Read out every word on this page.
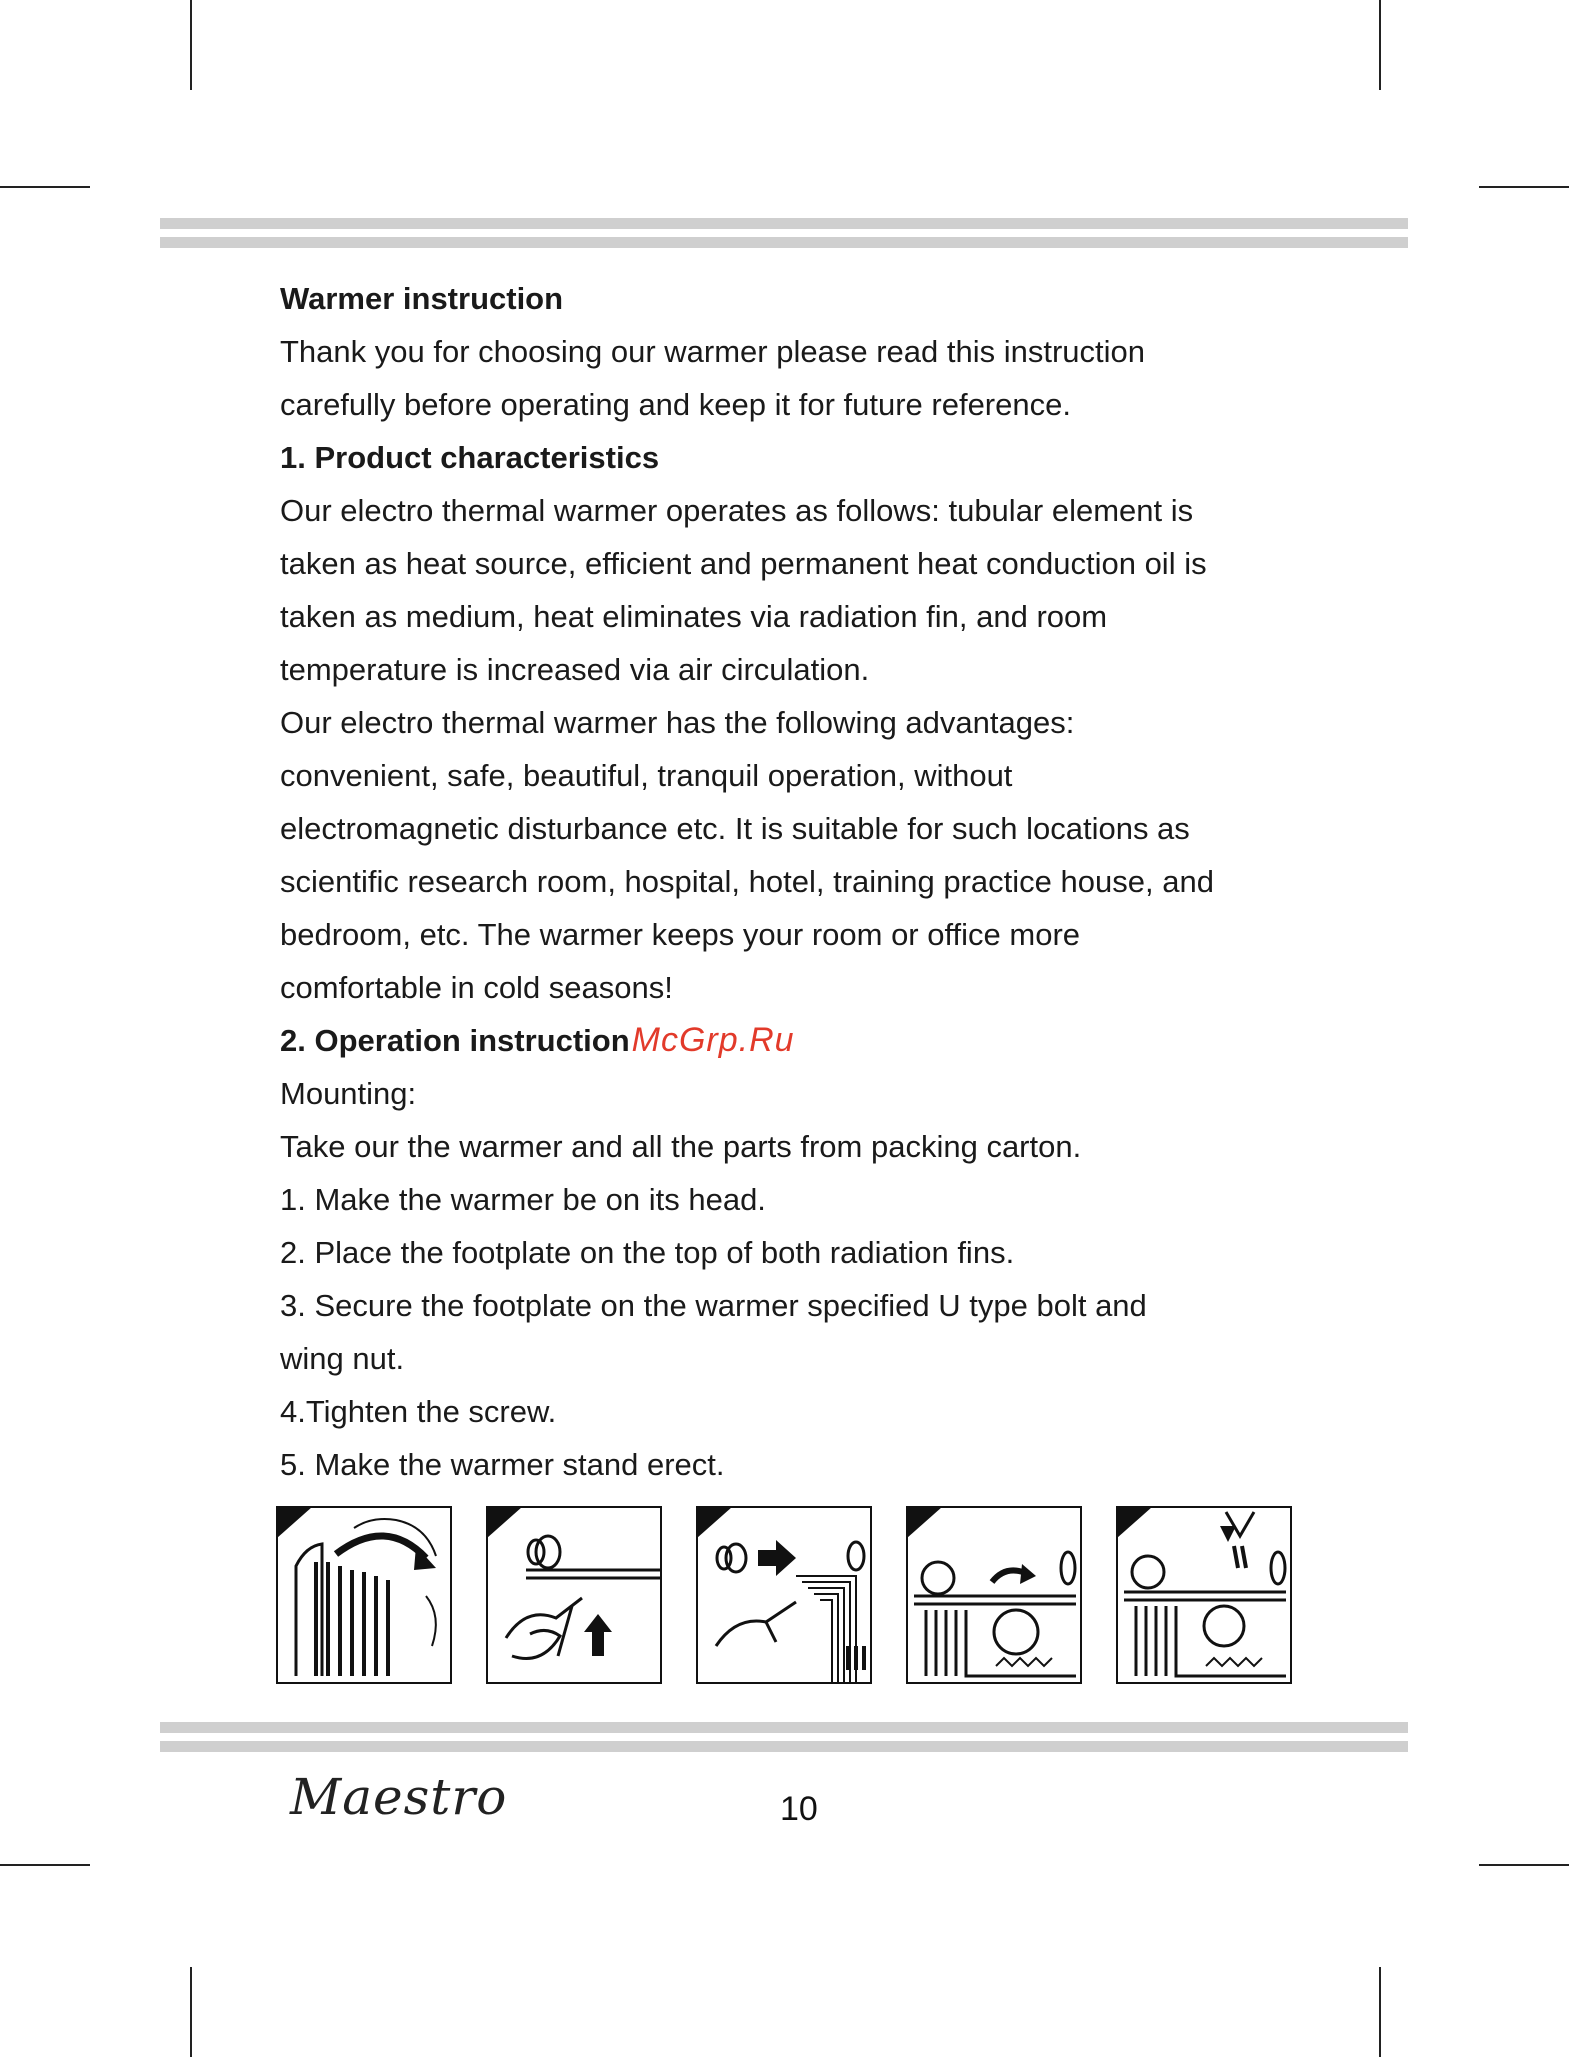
Warmer instruction

Thank you for choosing our warmer please read this instruction

carefully before operating and keep it for future reference.

1. Product characteristics

Our electro thermal warmer operates as follows: tubular element is

taken as heat source, efficient and permanent heat conduction oil is

taken as medium, heat eliminates via radiation fin, and room

temperature is increased via air circulation.

Our electro thermal warmer has the following advantages:

convenient, safe, beautiful, tranquil operation, without

electromagnetic disturbance etc. It is suitable for such locations as

scientific research room, hospital, hotel, training practice house, and

bedroom, etc. The warmer keeps your room or office more

comfortable in cold seasons!

2. Operation instructionMcGrp.Ru

Mounting:

Take our the warmer and all the parts from packing carton.

1. Make the warmer be on its head.

2. Place the footplate on the top of both radiation fins.

3. Secure the footplate on the warmer specified U type bolt and

wing nut.

4.Tighten the screw.

5. Make the warmer stand erect.

Maestro	10
